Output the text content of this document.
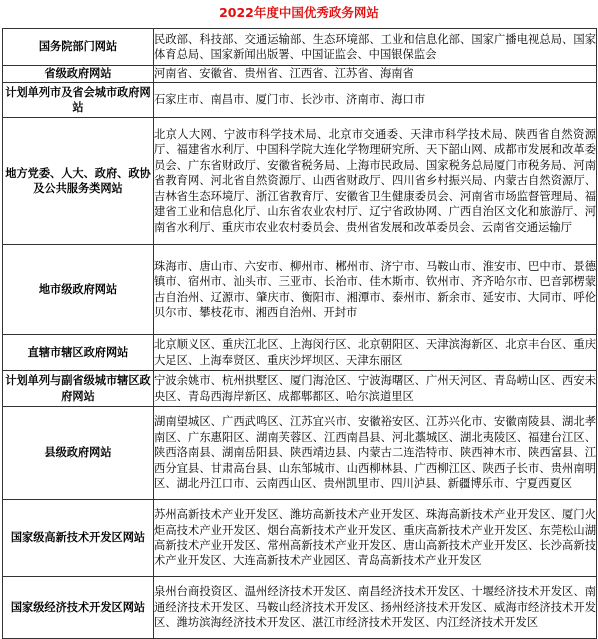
2022年度中国优秀政务网站
国务院部门网站	民政部、科技部、交通运输部、生态环境部、工业和信息化部、国家广播电视总局、国家体育总局、国家新闻出版署、中国证监会、中国银保监会
省级政府网站	河南省、安徽省、贵州省、江西省、江苏省、海南省
计划单列市及省会城市政府网站	石家庄市、南昌市、厦门市、长沙市、济南市、海口市
地方党委、人大、政府、政协及公共服务类网站	北京人大网、宁波市科学技术局、北京市交通委、天津市科学技术局、陕西省自然资源厅、福建省水利厅、中国科学院大连化学物理研究所、天下韶山网、成都市发展和改革委员会、广东省财政厅、安徽省税务局、上海市民政局、国家税务总局厦门市税务局、河南省教育网、河北省自然资源厅、山西省财政厅、四川省乡村振兴局、内蒙古自然资源厅、吉林省生态环境厅、浙江省教育厅、安徽省卫生健康委员会、河南省市场监督管理局、福建省工业和信息化厅、山东省农业农村厅、辽宁省政协网、广西自治区文化和旅游厅、河南省水利厅、重庆市农业农村委员会、贵州省发展和改革委员会、云南省交通运输厅
地市级政府网站	珠海市、唐山市、六安市、柳州市、郴州市、济宁市、马鞍山市、淮安市、巴中市、景德镇市、宿州市、汕头市、三亚市、长治市、佳木斯市、钦州市、齐齐哈尔市、巴音郭楞蒙古自治州、辽源市、肇庆市、衡阳市、湘潭市、泰州市、新余市、延安市、大同市、呼伦贝尔市、攀枝花市、湘西自治州、开封市
直辖市辖区政府网站	北京顺义区、重庆江北区、上海闵行区、北京朝阳区、天津滨海新区、北京丰台区、重庆大足区、上海奉贤区、重庆沙坪坝区、天津东丽区
计划单列与副省级城市辖区政府网站	宁波余姚市、杭州拱墅区、厦门海沧区、宁波海曙区、广州天河区、青岛崂山区、西安未央区、青岛西海岸新区、成都郫都区、哈尔滨道里区
县级政府网站	湖南望城区、广西武鸣区、江苏宜兴市、安徽裕安区、江苏兴化市、安徽南陵县、湖北孝南区、广东惠阳区、湖南芙蓉区、江西南昌县、河北藁城区、湖北夷陵区、福建台江区、陕西洛南县、湖南岳阳县、陕西靖边县、内蒙古二连浩特市、陕西神木市、陕西富县、江西分宜县、甘肃高台县、山东邹城市、山西柳林县、广西柳江区、陕西子长市、贵州南明区、湖北丹江口市、云南西山区、贵州凯里市、四川泸县、新疆博乐市、宁夏西夏区
国家级高新技术开发区网站	苏州高新技术产业开发区、潍坊高新技术产业开发区、珠海高新技术产业开发区、厦门火炬高技术产业开发区、烟台高新技术产业开发区、重庆高新技术产业开发区、东莞松山湖高新技术产业开发区、常州高新技术产业开发区、唐山高新技术产业开发区、长沙高新技术产业开发区、大连高新技术产业园区、青岛高新技术产业开发区
国家级经济技术开发区网站	泉州台商投资区、温州经济技术开发区、南昌经济技术开发区、十堰经济技术开发区、南通经济技术开发区、马鞍山经济技术开发区、扬州经济技术开发区、威海市经济技术开发区、潍坊滨海经济技术开发区、湛江市经济技术开发区、内江经济技术开发区
